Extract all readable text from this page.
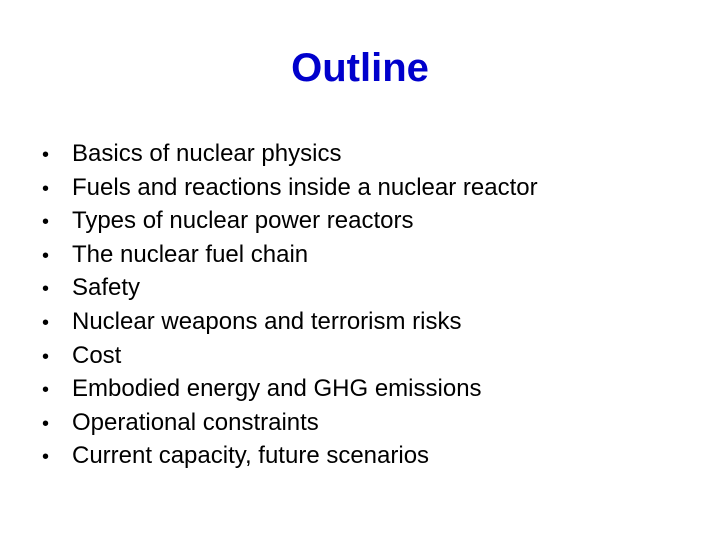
Outline
• Basics of nuclear physics
• Fuels and reactions inside a nuclear reactor
• Types of nuclear power reactors
• The nuclear fuel chain
• Safety
• Nuclear weapons and terrorism risks
• Cost
• Embodied energy and GHG emissions
• Operational constraints
• Current capacity, future scenarios
